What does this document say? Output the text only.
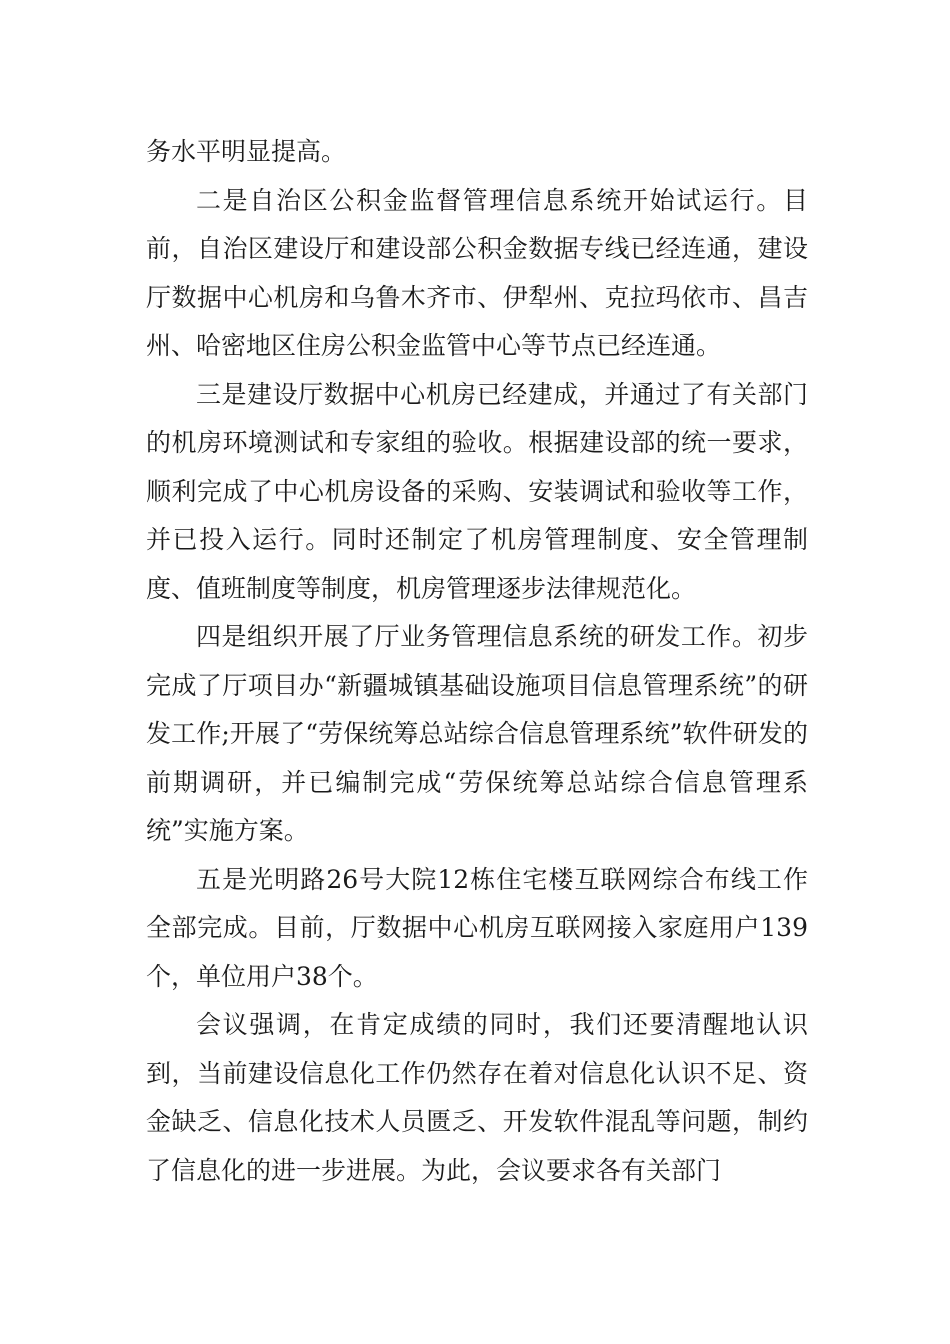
务水平明显提高。

二是自治区公积金监督管理信息系统开始试运行。目前，自治区建设厅和建设部公积金数据专线已经连通，建设厅数据中心机房和乌鲁木齐市、伊犁州、克拉玛依市、昌吉州、哈密地区住房公积金监管中心等节点已经连通。

三是建设厅数据中心机房已经建成，并通过了有关部门的机房环境测试和专家组的验收。根据建设部的统一要求，顺利完成了中心机房设备的采购、安装调试和验收等工作，并已投入运行。同时还制定了机房管理制度、安全管理制度、值班制度等制度，机房管理逐步法律规范化。

四是组织开展了厅业务管理信息系统的研发工作。初步完成了厅项目办“新疆城镇基础设施项目信息管理系统”的研发工作;开展了“劳保统筹总站综合信息管理系统”软件研发的前期调研，并已编制完成“劳保统筹总站综合信息管理系统”实施方案。

五是光明路26号大院12栋住宅楼互联网综合布线工作全部完成。目前，厅数据中心机房互联网接入家庭用户139个，单位用户38个。

会议强调，在肯定成绩的同时，我们还要清醒地认识到，当前建设信息化工作仍然存在着对信息化认识不足、资金缺乏、信息化技术人员匮乏、开发软件混乱等问题，制约了信息化的进一步进展。为此，会议要求各有关部门
